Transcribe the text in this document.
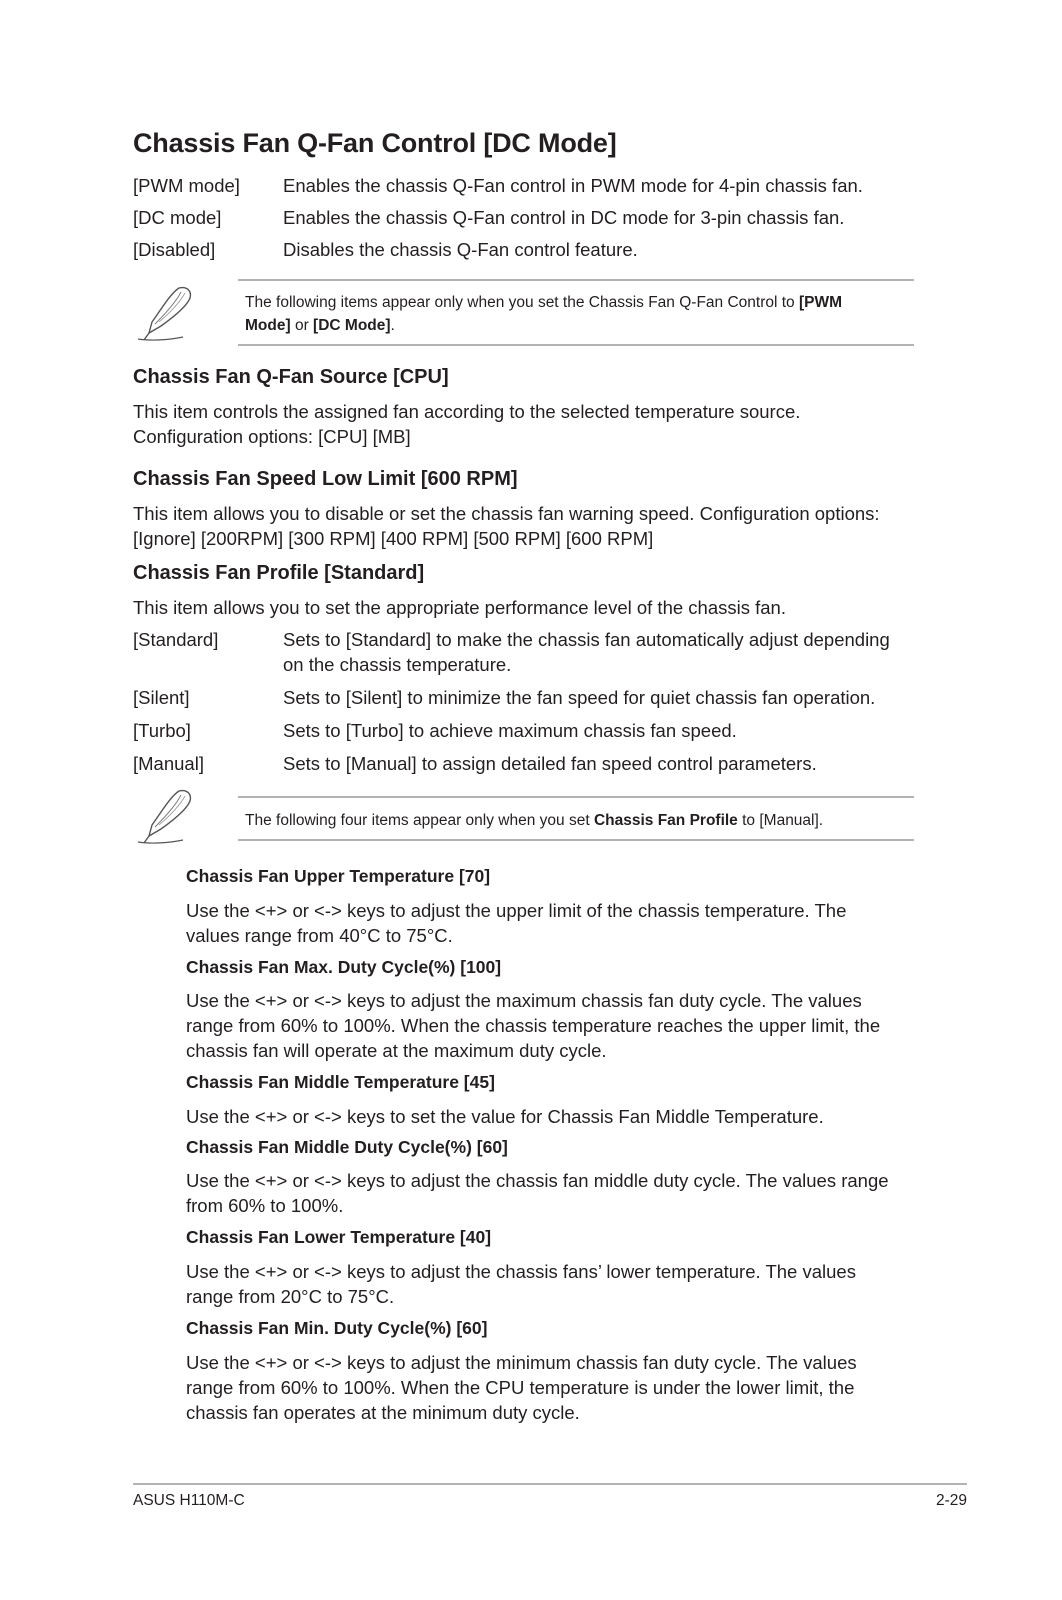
Chassis Fan Q-Fan Control [DC Mode]
[PWM mode] Enables the chassis Q-Fan control in PWM mode for 4-pin chassis fan.
[DC mode]	Enables the chassis Q-Fan control in DC mode for 3-pin chassis fan.
[Disabled]	Disables the chassis Q-Fan control feature.
The following items appear only when you set the Chassis Fan Q-Fan Control to [PWM
Mode] or [DC Mode].
Chassis Fan Q-Fan Source [CPU]
This item controls the assigned fan according to the selected temperature source.
Configuration options: [CPU] [MB]
Chassis Fan Speed Low Limit [600 RPM]
This item allows you to disable or set the chassis fan warning speed. Configuration options:
[Ignore] [200RPM] [300 RPM] [400 RPM] [500 RPM] [600 RPM]
Chassis Fan Profile [Standard]
This item allows you to set the appropriate performance level of the chassis fan.
[Standard]	Sets to [Standard] to make the chassis fan automatically adjust depending
on the chassis temperature.
[Silent]	Sets to [Silent] to minimize the fan speed for quiet chassis fan operation.
[Turbo]	Sets to [Turbo] to achieve maximum chassis fan speed.
[Manual]	Sets to [Manual] to assign detailed fan speed control parameters.
The following four items appear only when you set Chassis Fan Profile to [Manual].
Chassis Fan Upper Temperature [70]
Use the <+> or <-> keys to adjust the upper limit of the chassis temperature. The
values range from 40°C to 75°C.
Chassis Fan Max. Duty Cycle(%) [100]
Use the <+> or <-> keys to adjust the maximum chassis fan duty cycle. The values
range from 60% to 100%. When the chassis temperature reaches the upper limit, the
chassis fan will operate at the maximum duty cycle.
Chassis Fan Middle Temperature [45]
Use the <+> or <-> keys to set the value for Chassis Fan Middle Temperature.
Chassis Fan Middle Duty Cycle(%) [60]
Use the <+> or <-> keys to adjust the chassis fan middle duty cycle. The values range
from 60% to 100%.
Chassis Fan Lower Temperature [40]
Use the <+> or <-> keys to adjust the chassis fans’ lower temperature. The values
range from 20°C to 75°C.
Chassis Fan Min. Duty Cycle(%) [60]
Use the <+> or <-> keys to adjust the minimum chassis fan duty cycle. The values
range from 60% to 100%. When the CPU temperature is under the lower limit, the
chassis fan operates at the minimum duty cycle.
ASUS H110M-C	2-29
